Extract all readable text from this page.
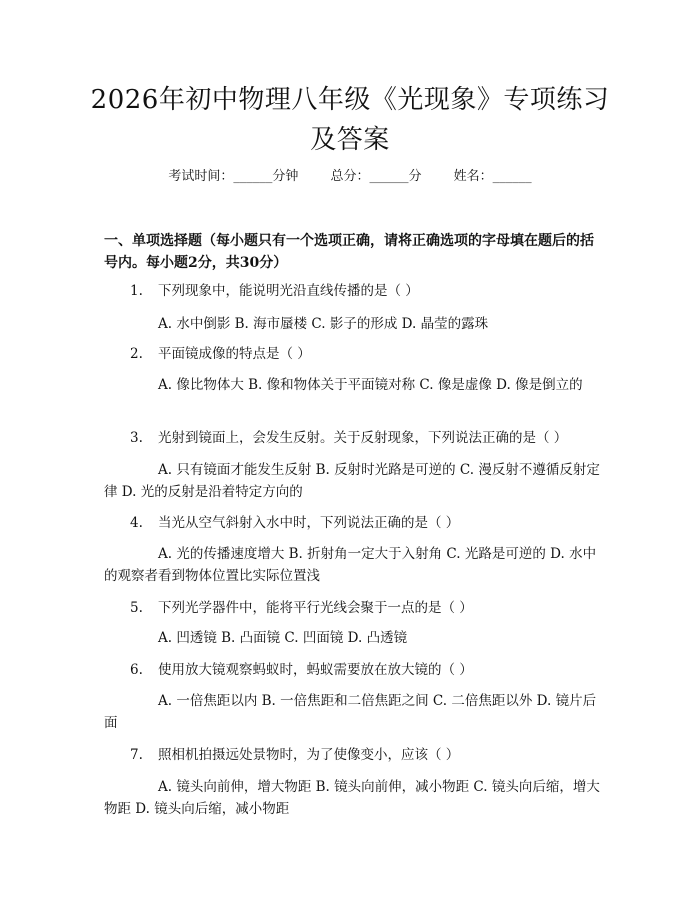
2026年初中物理八年级《光现象》专项练习
及答案
考试时间：______分钟 总分：______分 姓名：______
一、单项选择题（每小题只有一个选项正确，请将正确选项的字母填在题后的括号内。每小题2分，共30分）
1. 下列现象中，能说明光沿直线传播的是（ ）
A. 水中倒影 B. 海市蜃楼 C. 影子的形成 D. 晶莹的露珠
2. 平面镜成像的特点是（ ）
A. 像比物体大 B. 像和物体关于平面镜对称 C. 像是虚像 D. 像是倒立的
3. 光射到镜面上，会发生反射。关于反射现象，下列说法正确的是（ ）
A. 只有镜面才能发生反射 B. 反射时光路是可逆的 C. 漫反射不遵循反射定律 D. 光的反射是沿着特定方向的
4. 当光从空气斜射入水中时，下列说法正确的是（ ）
A. 光的传播速度增大 B. 折射角一定大于入射角 C. 光路是可逆的 D. 水中的观察者看到物体位置比实际位置浅
5. 下列光学器件中，能将平行光线会聚于一点的是（ ）
A. 凹透镜 B. 凸面镜 C. 凹面镜 D. 凸透镜
6. 使用放大镜观察蚂蚁时，蚂蚁需要放在放大镜的（ ）
A. 一倍焦距以内 B. 一倍焦距和二倍焦距之间 C. 二倍焦距以外 D. 镜片后面
7. 照相机拍摄远处景物时，为了使像变小，应该（ ）
A. 镜头向前伸，增大物距 B. 镜头向前伸，减小物距 C. 镜头向后缩，增大物距 D. 镜头向后缩，减小物距
